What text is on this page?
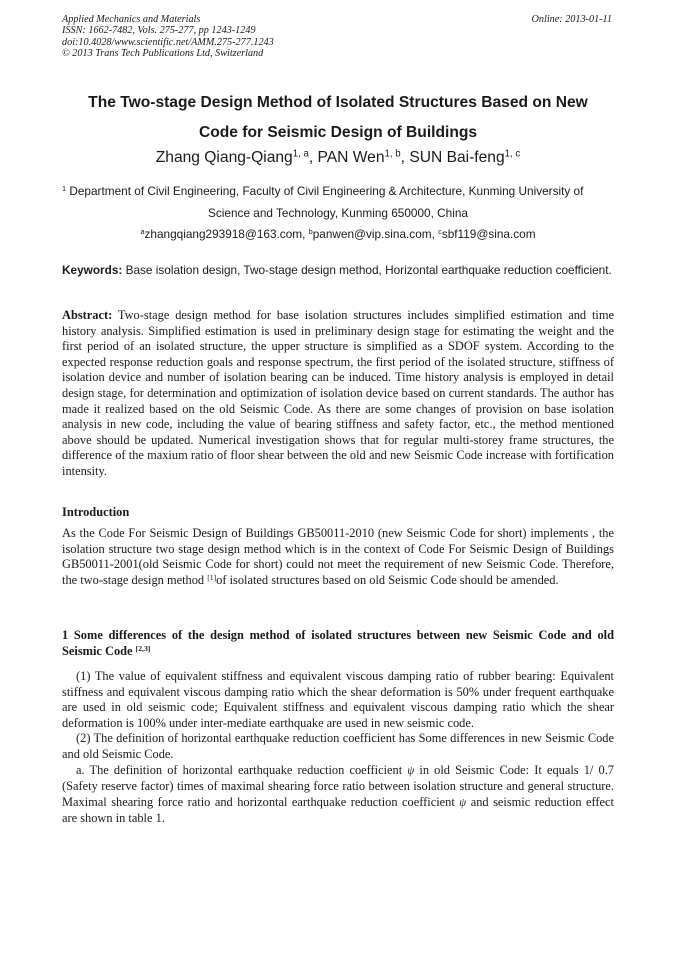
Applied Mechanics and Materials
ISSN: 1662-7482, Vols. 275-277, pp 1243-1249
doi:10.4028/www.scientific.net/AMM.275-277.1243
© 2013 Trans Tech Publications Ltd, Switzerland
Online: 2013-01-11
The Two-stage Design Method of Isolated Structures Based on New
Code for Seismic Design of Buildings
Zhang Qiang-Qiang$^{1, a}$, PAN Wen$^{1, b}$, SUN Bai-feng$^{1, c}$
$^1$ Department of Civil Engineering, Faculty of Civil Engineering & Architecture, Kunming University of
Science and Technology, Kunming 650000, China
$^a$zhangqiang293918@163.com, $^b$panwen@vip.sina.com, $^c$sbf119@sina.com
Keywords: Base isolation design, Two-stage design method, Horizontal earthquake reduction coefficient.
Abstract: Two-stage design method for base isolation structures includes simplified estimation and time history analysis. Simplified estimation is used in preliminary design stage for estimating the weight and the first period of an isolated structure, the upper structure is simplified as a SDOF system. According to the expected response reduction goals and response spectrum, the first period of the isolated structure, stiffness of isolation device and number of isolation bearing can be induced. Time history analysis is employed in detail design stage, for determination and optimization of isolation device based on current standards. The author has made it realized based on the old Seismic Code. As there are some changes of provision on base isolation analysis in new code, including the value of bearing stiffness and safety factor, etc., the method mentioned above should be updated. Numerical investigation shows that for regular multi-storey frame structures, the difference of the maxium ratio of floor shear between the old and new Seismic Code increase with fortification intensity.
Introduction
As the Code For Seismic Design of Buildings GB50011-2010 (new Seismic Code for short) implements , the isolation structure two stage design method which is in the context of Code For Seismic Design of Buildings GB50011-2001(old Seismic Code for short) could not meet the requirement of new Seismic Code. Therefore, the two-stage design method [1]of isolated structures based on old Seismic Code should be amended.
1 Some differences of the design method of isolated structures between new Seismic Code and old Seismic Code [2,3]

(1) The value of equivalent stiffness and equivalent viscous damping ratio of rubber bearing: Equivalent stiffness and equivalent viscous damping ratio which the shear deformation is 50% under frequent earthquake are used in old seismic code; Equivalent stiffness and equivalent viscous damping ratio which the shear deformation is 100% under inter-mediate earthquake are used in new seismic code.

(2) The definition of horizontal earthquake reduction coefficient has Some differences in new Seismic Code and old Seismic Code.

a. The definition of horizontal earthquake reduction coefficient ψ in old Seismic Code: It equals 1/ 0.7 (Safety reserve factor) times of maximal shearing force ratio between isolation structure and general structure. Maximal shearing force ratio and horizontal earthquake reduction coefficient ψ and seismic reduction effect are shown in table 1.
